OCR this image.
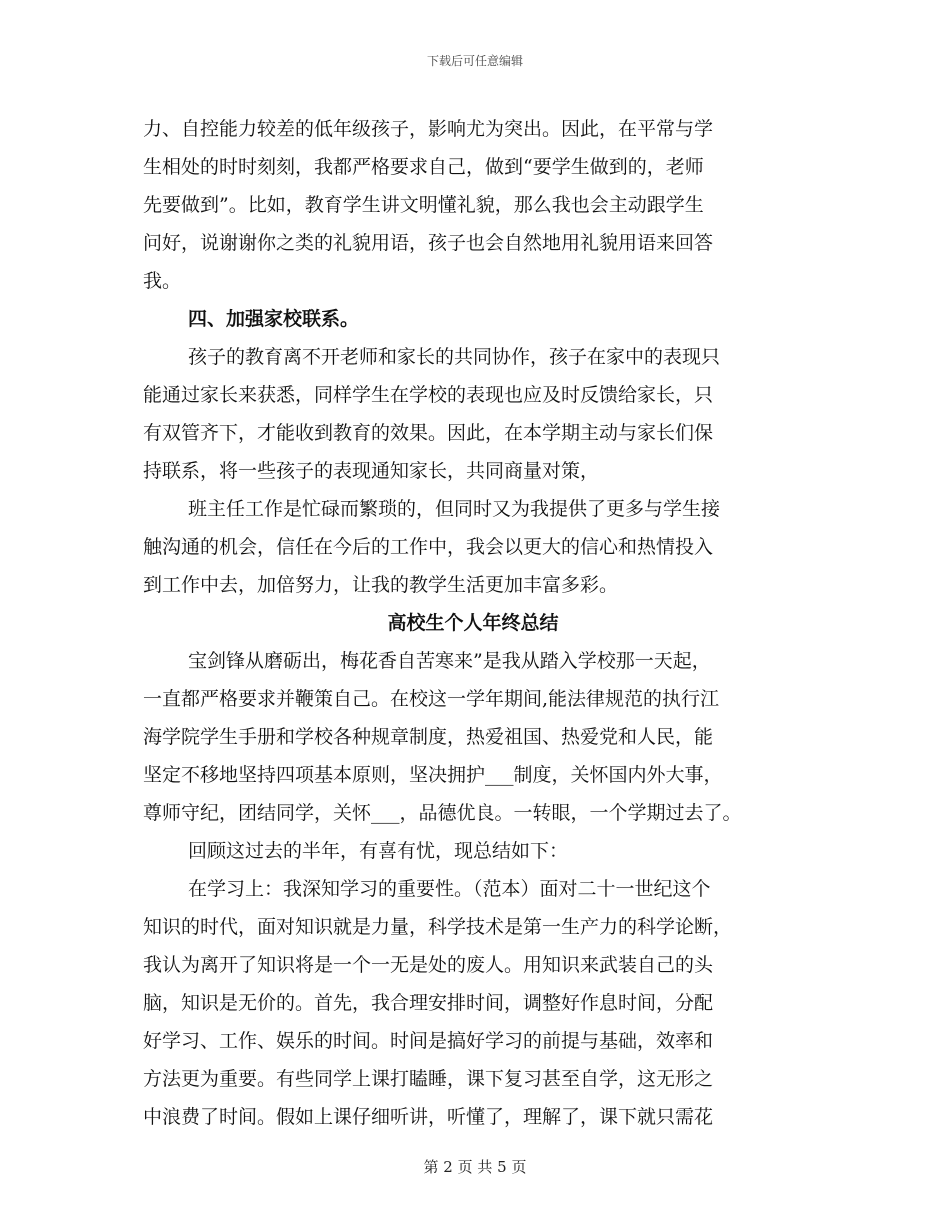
下载后可任意编辑
力、自控能力较差的低年级孩子，影响尤为突出。因此，在平常与学
生相处的时时刻刻，我都严格要求自己，做到“要学生做到的，老师
先要做到”。比如，教育学生讲文明懂礼貌，那么我也会主动跟学生
问好，说谢谢你之类的礼貌用语，孩子也会自然地用礼貌用语来回答
我。
四、加强家校联系。
孩子的教育离不开老师和家长的共同协作，孩子在家中的表现只
能通过家长来获悉，同样学生在学校的表现也应及时反馈给家长，只
有双管齐下，才能收到教育的效果。因此，在本学期主动与家长们保
持联系，将一些孩子的表现通知家长，共同商量对策，
班主任工作是忙碌而繁琐的，但同时又为我提供了更多与学生接
触沟通的机会，信任在今后的工作中，我会以更大的信心和热情投入
到工作中去，加倍努力，让我的教学生活更加丰富多彩。
高校生个人年终总结
宝剑锋从磨砺出，梅花香自苦寒来”是我从踏入学校那一天起，
一直都严格要求并鞭策自己。在校这一学年期间,能法律规范的执行江
海学院学生手册和学校各种规章制度，热爱祖国、热爱党和人民，能
坚定不移地坚持四项基本原则，坚决拥护___制度，关怀国内外大事，
尊师守纪，团结同学，关怀___，品德优良。一转眼，一个学期过去了。
回顾这过去的半年，有喜有忧，现总结如下：
在学习上：我深知学习的重要性。（范本）面对二十一世纪这个
知识的时代，面对知识就是力量，科学技术是第一生产力的科学论断，
我认为离开了知识将是一个一无是处的废人。用知识来武装自己的头
脑，知识是无价的。首先，我合理安排时间，调整好作息时间，分配
好学习、工作、娱乐的时间。时间是搞好学习的前提与基础，效率和
方法更为重要。有些同学上课打瞌睡，课下复习甚至自学，这无形之
中浪费了时间。假如上课仔细听讲，听懂了，理解了，课下就只需花
第 2 页 共 5 页
